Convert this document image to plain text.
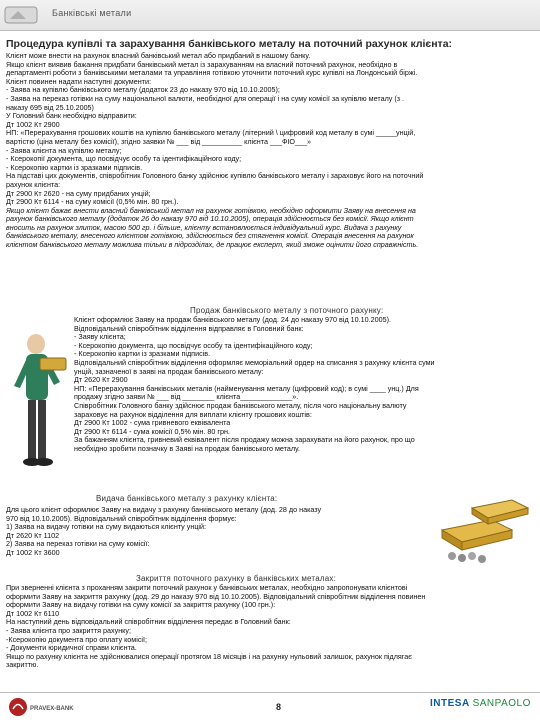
Банківські метали
Процедура купівлі та зарахування банківського металу на поточний рахунок клієнта:

Клієнт може внести на рахунок власний банківський метал або придбаний в нашому банку.

Якщо клієнт виявив бажання придбати банківський метал із зарахуванням на власний поточний рахунок, необхідно в

департаменті роботи з банківськими металами та управління готівкою уточнити поточний курс купівлі на Лондонській біржі.

Клієнт повинен надати наступні документи:

- Заява на купівлю банківського металу (додаток 23 до наказу 970 від 10.10.2005);

- Заява на переказ готівки на суму національної валюти, необхідної для операції і на суму комісії за купівлю металу (з .

наказу 695 від 25.10.2005)

У Головний банк необхідно відправити:

Дт 1002 Кт 2900

НП: «Перерахування грошових коштів на купівлю банківського металу (літерний \ цифровий код металу в сумі _____унцій,

вартістю (ціна металу без комісії), згідно заявки № ___ від __________ клієнта ___ФІО___»

- Заява клієнта на купівлю металу;

- Ксерокопії документа, що посвідчує особу та ідентифікаційного коду;

- Ксерокопію картки із зразками підписів.

На підставі цих документів, співробітник Головного банку здійснює купівлю банківського металу і зараховує його на поточний

рахунок клієнта:

Дт 2900 Кт 2620 - на суму придбаних унцій;

Дт 2900 Кт 6114 - на суму комісії (0,5% мін. 80 грн.).

Якщо клієнт бажає внести власний банківський метал на рахунок готівкою, необхідно оформити Заяву на внесення на

рахунок банківського металу (додаток 26 до наказу 970 від 10.10.2005), операція здійснюється без комісії. Якщо клієнт

вносить на рахунок злиток, масою 500 гр. і більше, клієнту встановлюється індивідуальний курс. Видача з рахунку

банківського металу, внесеного клієнтом готівкою, здійснюється без стягнення комісії. Операція внесення на рахунок

клієнтом банківського металу можлива тільки в підрозділах, де працює експерт, який зможе оцінити його справжність.

Продаж банківського металу з поточного рахунку:

Клієнт оформлює Заяву на продаж банківського металу (дод. 24 до наказу 970 від 10.10.2005).

Відповідальний співробітник відділення відправляє в Головний банк:

- Заяву клієнта;

- Ксерокопію документа, що посвідчує особу та ідентифікаційного коду;

- Ксерокопію картки із зразками підписів.

Відповідальний співробітник відділення оформляє меморіальний ордер на списання з рахунку клієнта суми

унцій, зазначеної в заяві на продаж банківського металу:

Дт 2620 Кт 2900

НП: «Перерахування банківських металів (найменування металу (цифровий код); в сумі ____ унц.) Для

продажу згідно заяви № ___ від ________ клієнта_____________».

Співробітник Головного банку здійснює продаж банківського металу, після чого національну валюту

зараховує на рахунок відділення для виплати клієнту грошових коштів:

Дт 2900 Кт 1002 - сума гривневого еквівалента

Дт 2900 Кт 6114 - сума комісії 0,5% мін. 80 грн.

За бажанням клієнта, гривневий еквівалент після продажу можна зарахувати на його рахунок, про що

необхідно зробити позначку в Заяві на продаж банківського металу.

Видача банківського металу з рахунку клієнта:

Для цього клієнт оформлює Заяву на видачу з рахунку банківського металу (дод. 28 до наказу

970 від 10.10.2005). Відповідальний співробітник відділення формує:

1) Заява на видачу готівки на суму видаються клієнту унцій:

Дт 2620 Кт 1102

2) Заява на переказ готівки на суму комісії:

Дт 1002 Кт 3600

Закриття поточного рахунку в банківських металах:

При зверненні клієнта з проханням закрити поточний рахунок у банківських металах, необхідно запропонувати клієнтові

оформити Заяву на закриття рахунку (дод. 29 до наказу 970 від 10.10.2005). Відповідальний співробітник відділення повинен

оформити Заяву на видачу готівки на суму комісії за закриття рахунку (100 грн.):

Дт 1002 Кт 6110

На наступний день відповідальний співробітник відділення передає в Головний банк:

- Заява клієнта про закриття рахунку;

-Ксерокопію документа про оплату комісії;

- Документи юридичної справи клієнта.

Якщо по рахунку клієнта не здійснювалися операції протягом 18 місяців і на рахунку нульовий залишок, рахунок підлягає

закриттю.

PRAVEX-BANK	8	INTESA SANPAOLO
